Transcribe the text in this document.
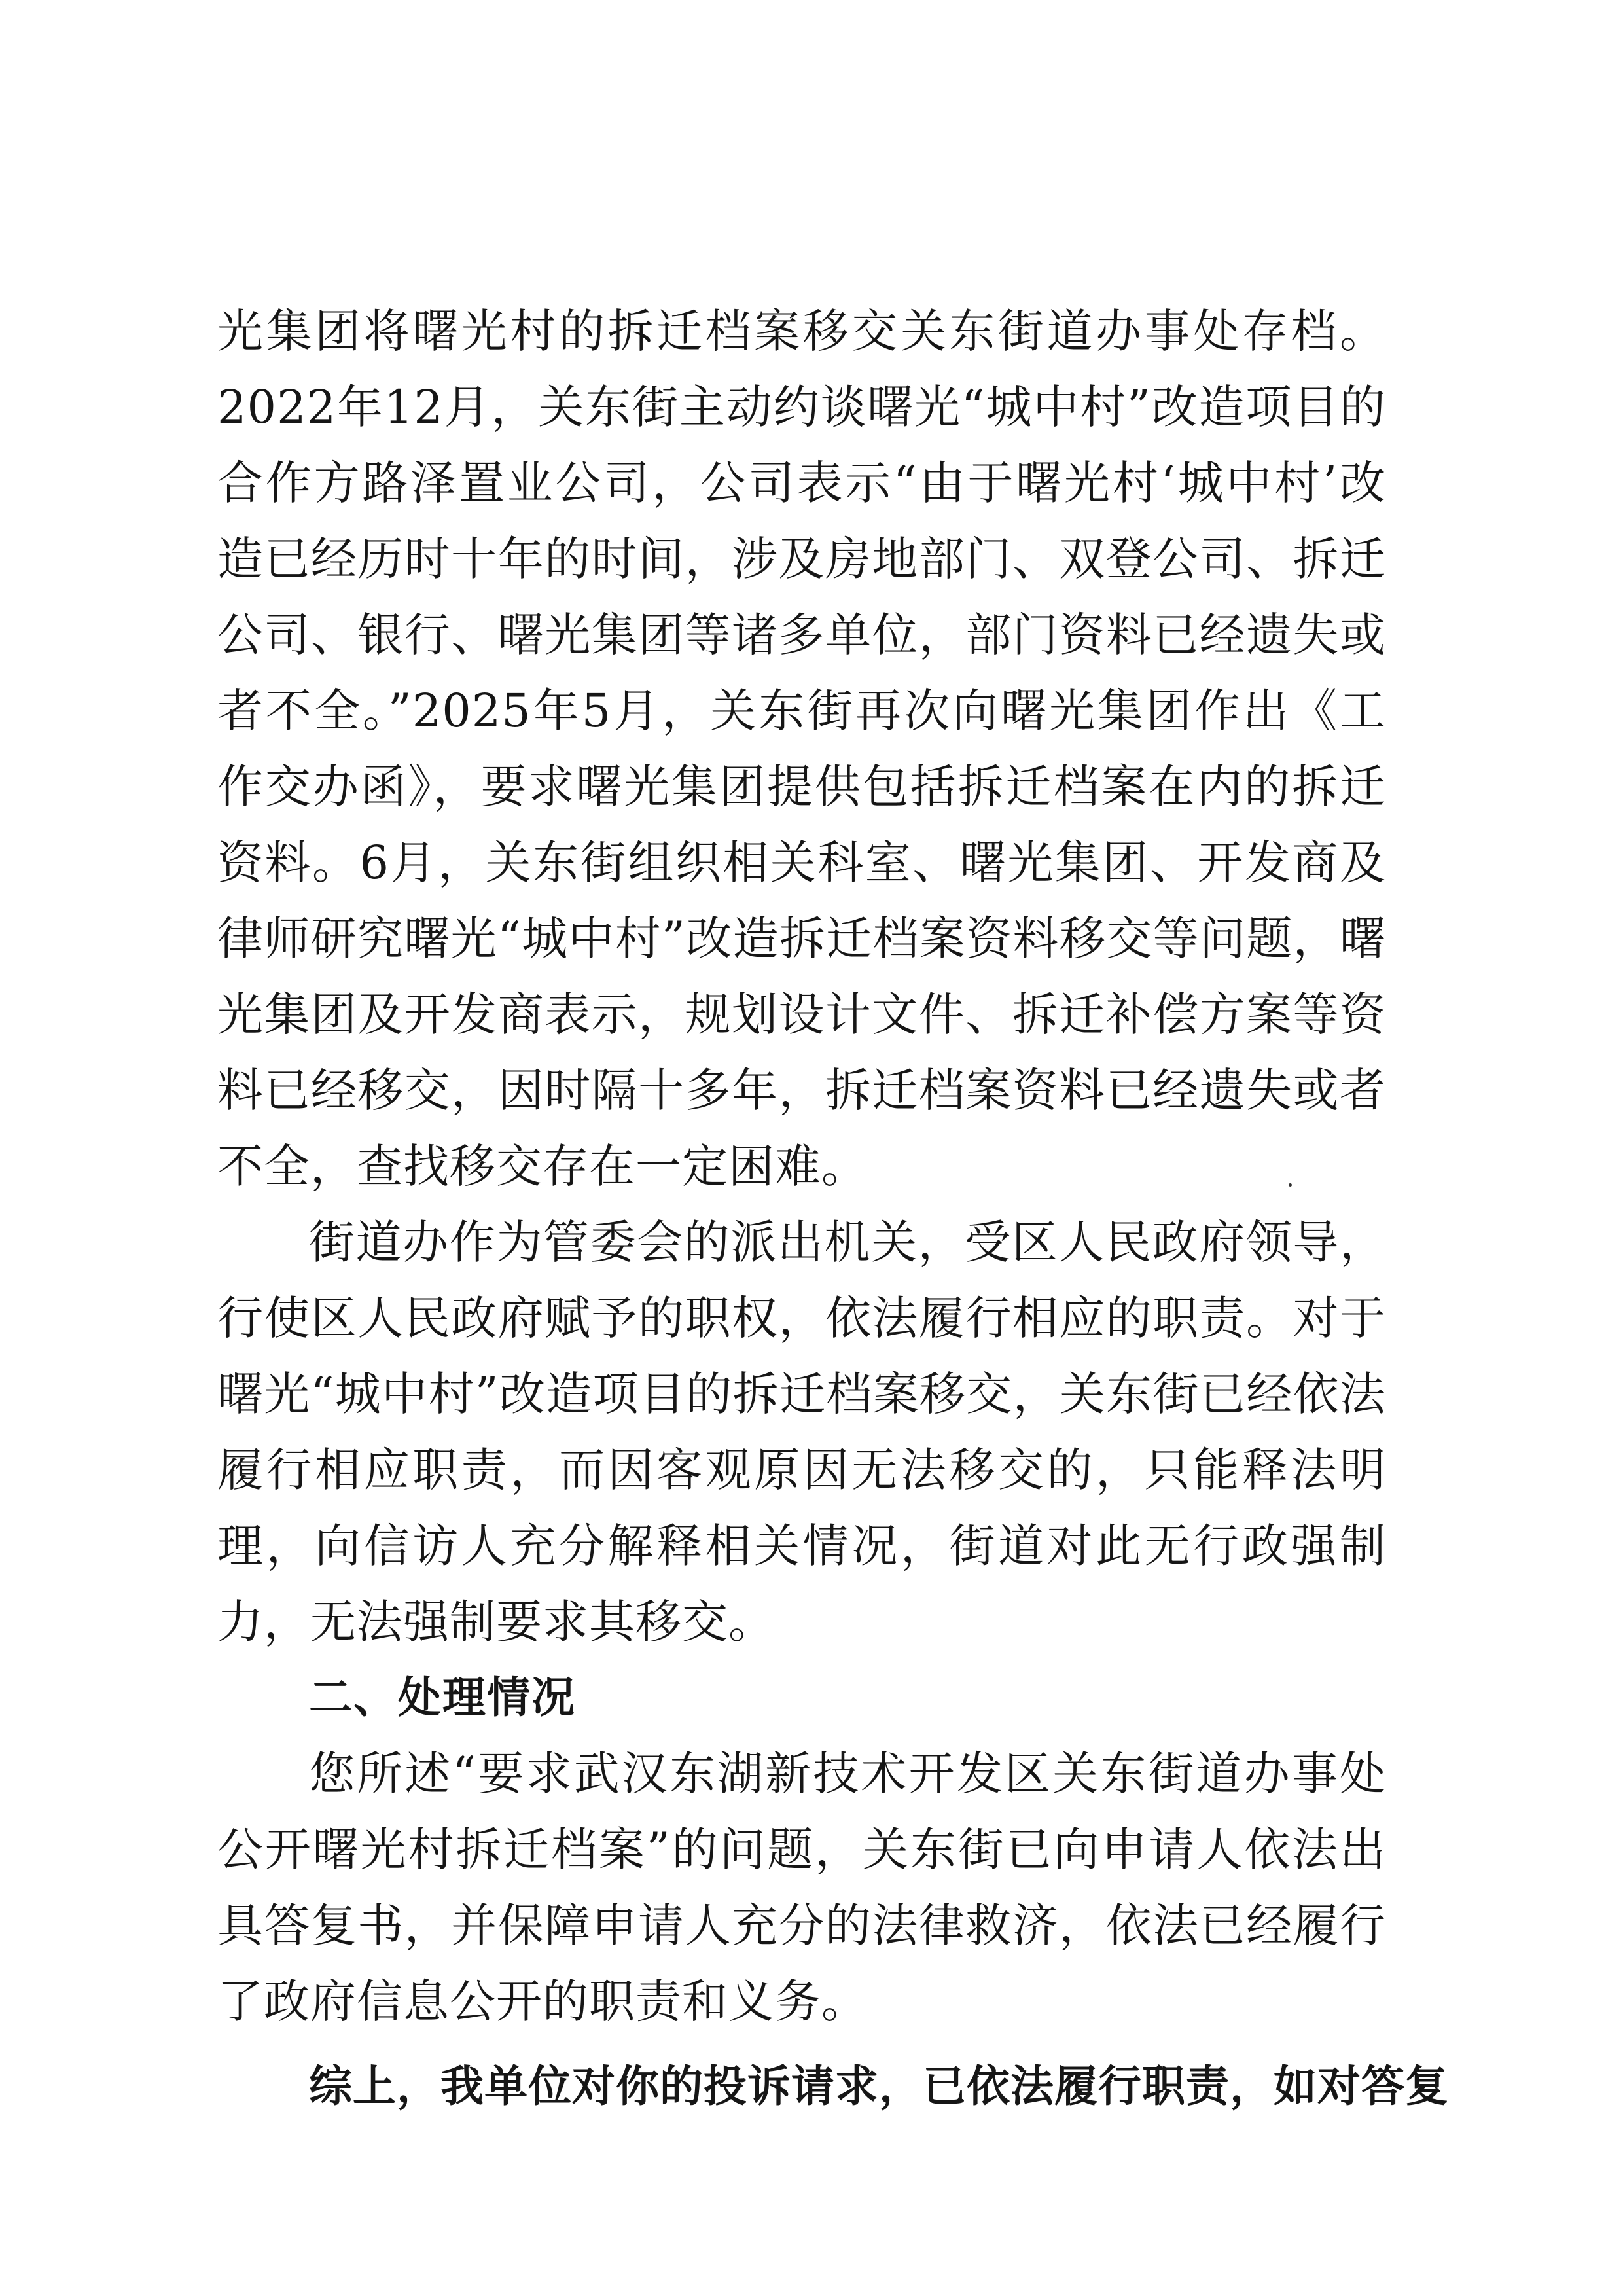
光集团将曙光村的拆迁档案移交关东街道办事处存档。2022年12月，关东街主动约谈曙光“城中村”改造项目的合作方路泽置业公司，公司表示“由于曙光村‘城中村’改造已经历时十年的时间，涉及房地部门、双登公司、拆迁公司、银行、曙光集团等诸多单位，部门资料已经遗失或者不全。”2025年5月，关东街再次向曙光集团作出《工作交办函》，要求曙光集团提供包括拆迁档案在内的拆迁资料。6月，关东街组织相关科室、曙光集团、开发商及律师研究曙光“城中村”改造拆迁档案资料移交等问题，曙光集团及开发商表示，规划设计文件、拆迁补偿方案等资料已经移交，因时隔十多年，拆迁档案资料已经遗失或者不全，查找移交存在一定困难。

街道办作为管委会的派出机关，受区人民政府领导，行使区人民政府赋予的职权，依法履行相应的职责。对于曙光“城中村”改造项目的拆迁档案移交，关东街已经依法履行相应职责，而因客观原因无法移交的，只能释法明理，向信访人充分解释相关情况，街道对此无行政强制力，无法强制要求其移交。

二、处理情况

您所述“要求武汉东湖新技术开发区关东街道办事处公开曙光村拆迁档案”的问题，关东街已向申请人依法出具答复书，并保障申请人充分的法律救济，依法已经履行了政府信息公开的职责和义务。

综上，我单位对你的投诉请求，已依法履行职责，如对答复
